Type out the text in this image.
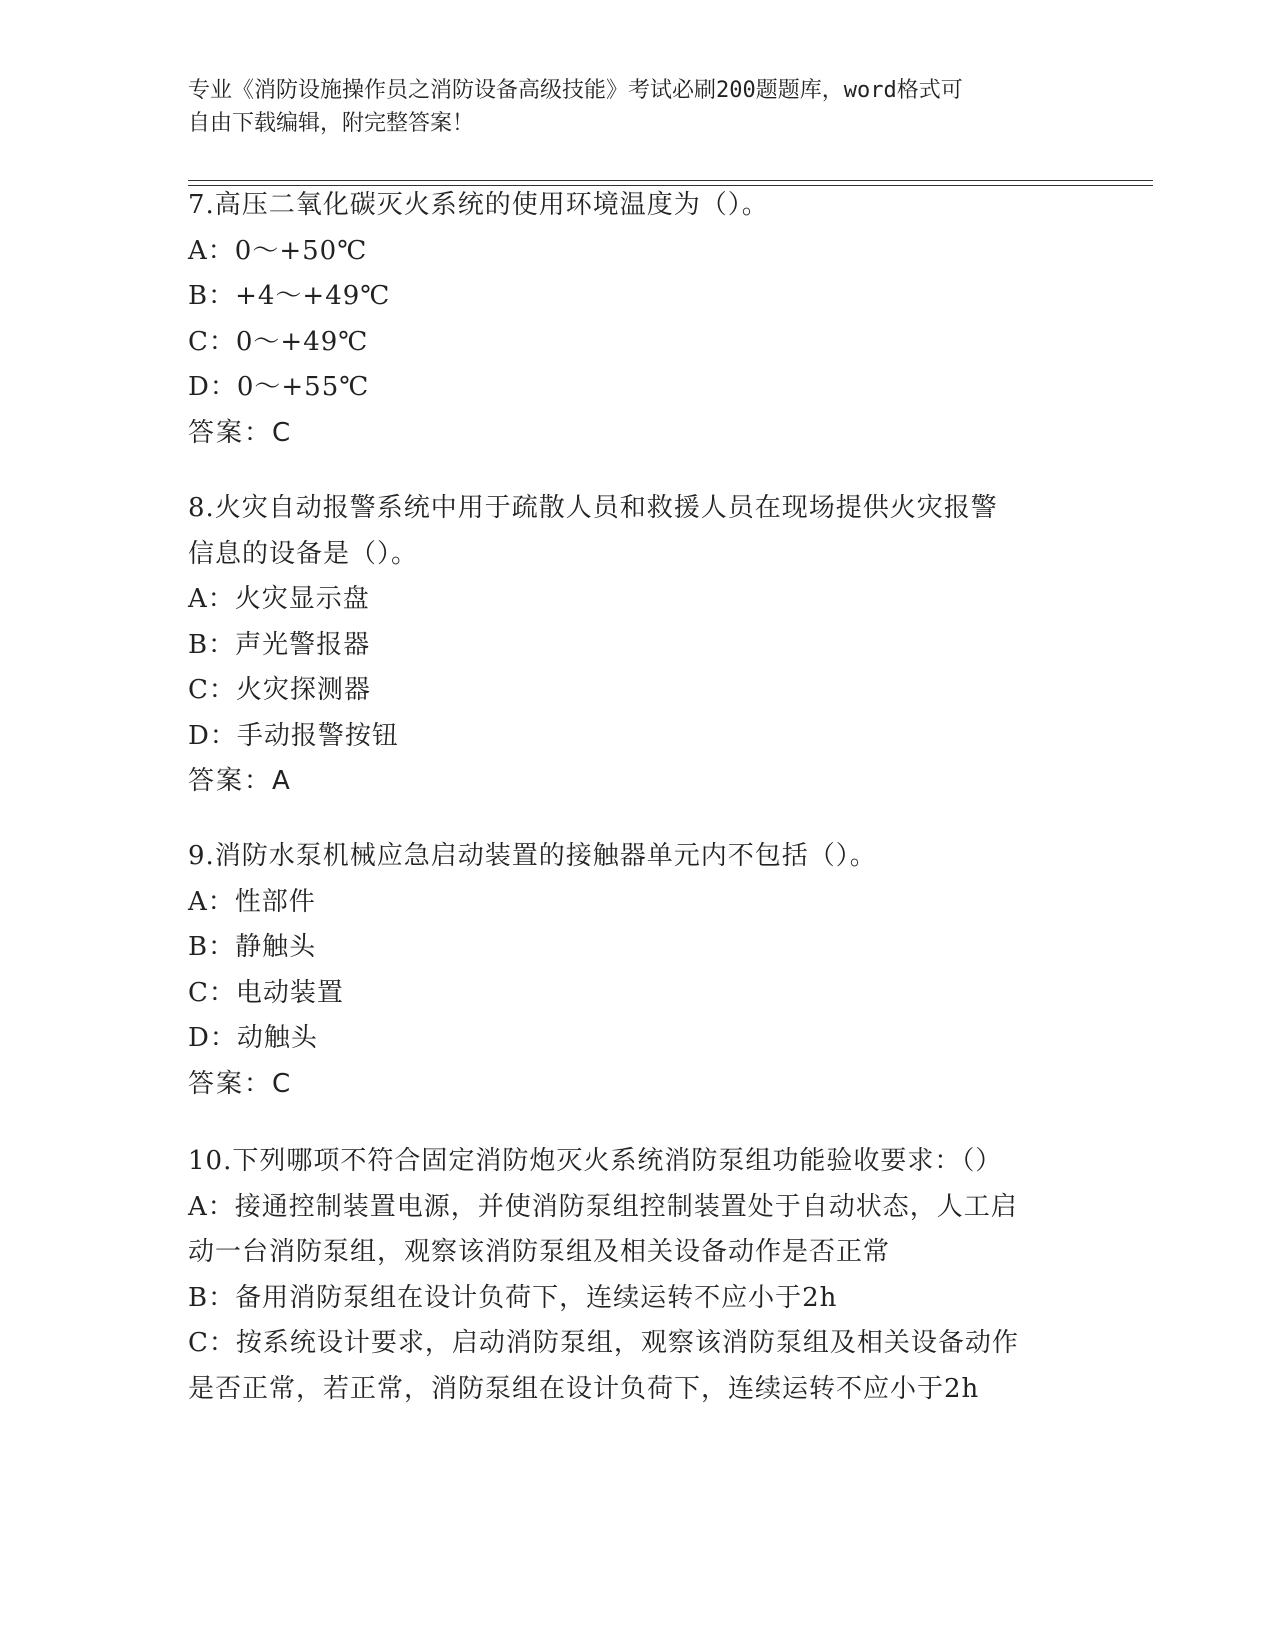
专业《消防设施操作员之消防设备高级技能》考试必刷200题题库，word格式可
自由下载编辑，附完整答案！
7.高压二氧化碳灭火系统的使用环境温度为（）。
A：0～+50℃
B：+4～+49℃
C：0～+49℃
D：0～+55℃
答案：C
8.火灾自动报警系统中用于疏散人员和救援人员在现场提供火灾报警
信息的设备是（）。
A：火灾显示盘
B：声光警报器
C：火灾探测器
D：手动报警按钮
答案：A
9.消防水泵机械应急启动装置的接触器单元内不包括（）。
A：性部件
B：静触头
C：电动装置
D：动触头
答案：C
10.下列哪项不符合固定消防炮灭火系统消防泵组功能验收要求：（）
A：接通控制装置电源，并使消防泵组控制装置处于自动状态，人工启
动一台消防泵组，观察该消防泵组及相关设备动作是否正常
B：备用消防泵组在设计负荷下，连续运转不应小于2h
C：按系统设计要求，启动消防泵组，观察该消防泵组及相关设备动作
是否正常，若正常，消防泵组在设计负荷下，连续运转不应小于2h
